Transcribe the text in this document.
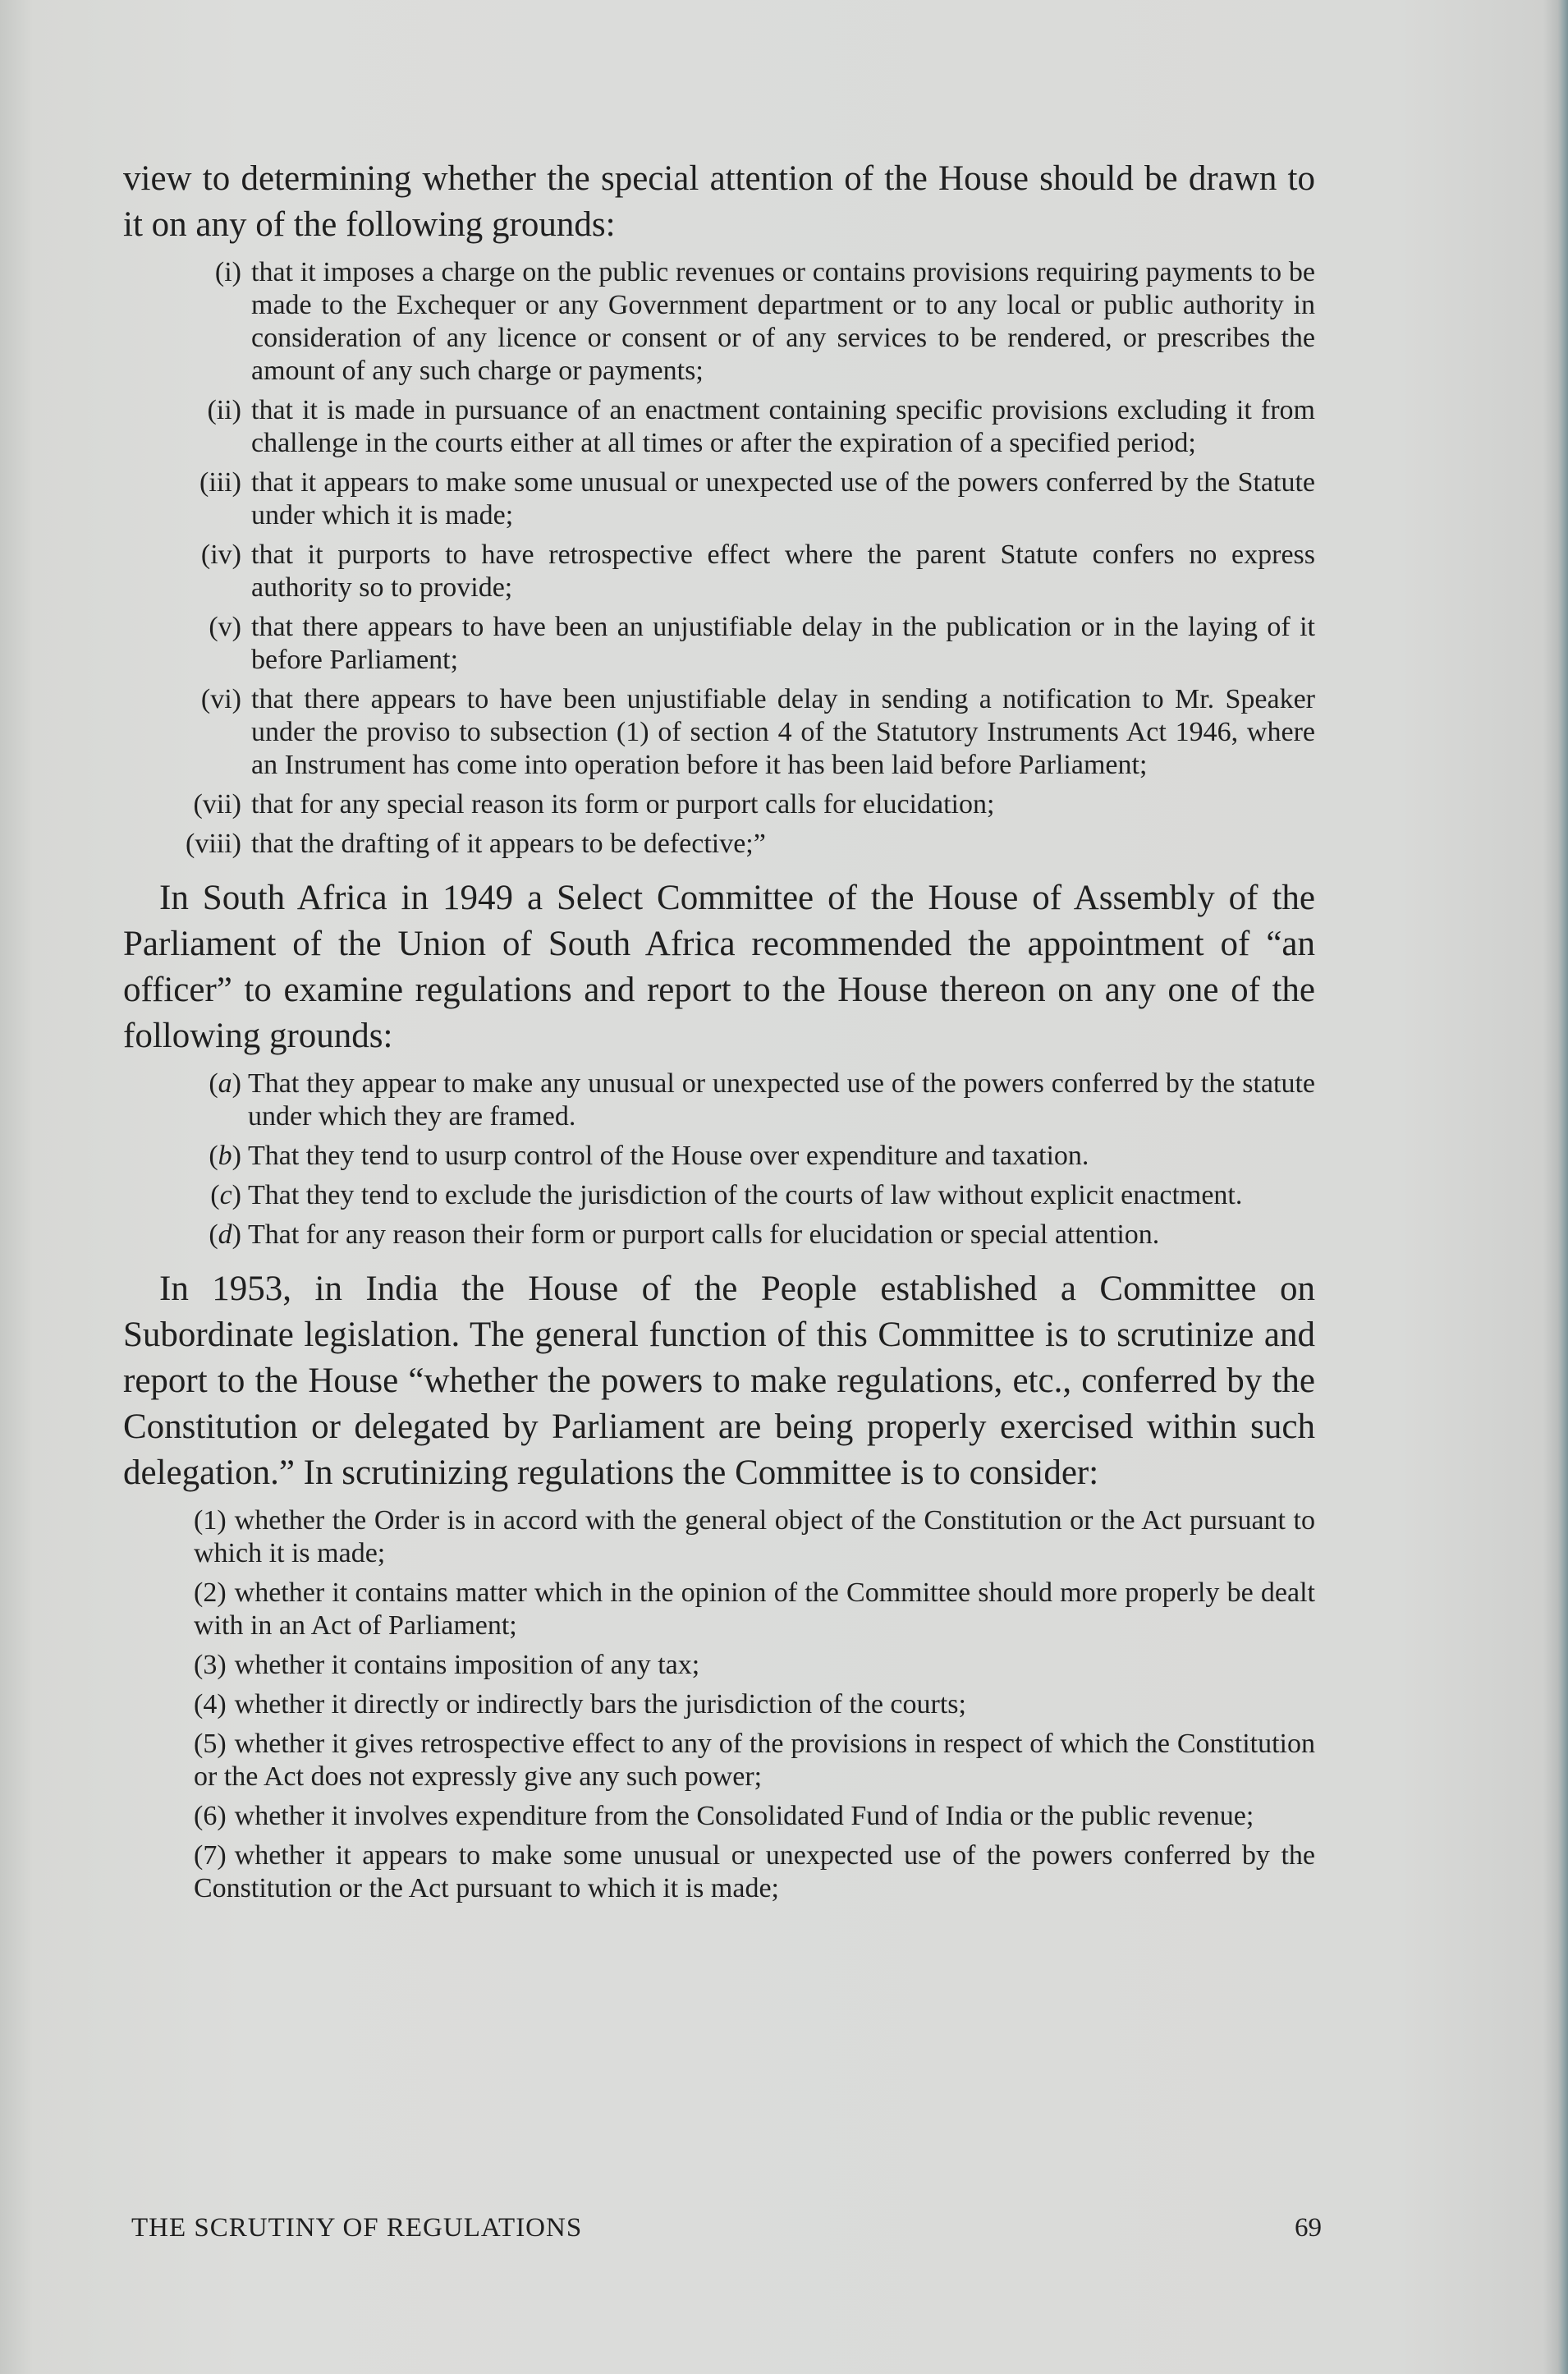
view to determining whether the special attention of the House should be drawn to it on any of the following grounds:

(i) that it imposes a charge on the public revenues or contains provisions requiring payments to be made to the Exchequer or any Government department or to any local or public authority in consideration of any licence or consent or of any services to be rendered, or prescribes the amount of any such charge or payments;
(ii) that it is made in pursuance of an enactment containing specific provisions excluding it from challenge in the courts either at all times or after the expiration of a specified period;
(iii) that it appears to make some unusual or unexpected use of the powers conferred by the Statute under which it is made;
(iv) that it purports to have retrospective effect where the parent Statute confers no express authority so to provide;
(v) that there appears to have been an unjustifiable delay in the publication or in the laying of it before Parliament;
(vi) that there appears to have been unjustifiable delay in sending a notification to Mr. Speaker under the proviso to subsection (1) of section 4 of the Statutory Instruments Act 1946, where an Instrument has come into operation before it has been laid before Parliament;
(vii) that for any special reason its form or purport calls for elucidation;
(viii) that the drafting of it appears to be defective;”

In South Africa in 1949 a Select Committee of the House of Assembly of the Parliament of the Union of South Africa recommended the appointment of “an officer” to examine regulations and report to the House thereon on any one of the following grounds:

(a) That they appear to make any unusual or unexpected use of the powers conferred by the statute under which they are framed.
(b) That they tend to usurp control of the House over expenditure and taxation.
(c) That they tend to exclude the jurisdiction of the courts of law without explicit enactment.
(d) That for any reason their form or purport calls for elucidation or special attention.

In 1953, in India the House of the People established a Committee on Subordinate legislation. The general function of this Committee is to scrutinize and report to the House “whether the powers to make regulations, etc., conferred by the Constitution or delegated by Parliament are being properly exercised within such delegation.” In scrutinizing regulations the Committee is to consider:

(1) whether the Order is in accord with the general object of the Constitution or the Act pursuant to which it is made;
(2) whether it contains matter which in the opinion of the Committee should more properly be dealt with in an Act of Parliament;
(3) whether it contains imposition of any tax;
(4) whether it directly or indirectly bars the jurisdiction of the courts;
(5) whether it gives retrospective effect to any of the provisions in respect of which the Constitution or the Act does not expressly give any such power;
(6) whether it involves expenditure from the Consolidated Fund of India or the public revenue;
(7) whether it appears to make some unusual or unexpected use of the powers conferred by the Constitution or the Act pursuant to which it is made;
THE SCRUTINY OF REGULATIONS	69
